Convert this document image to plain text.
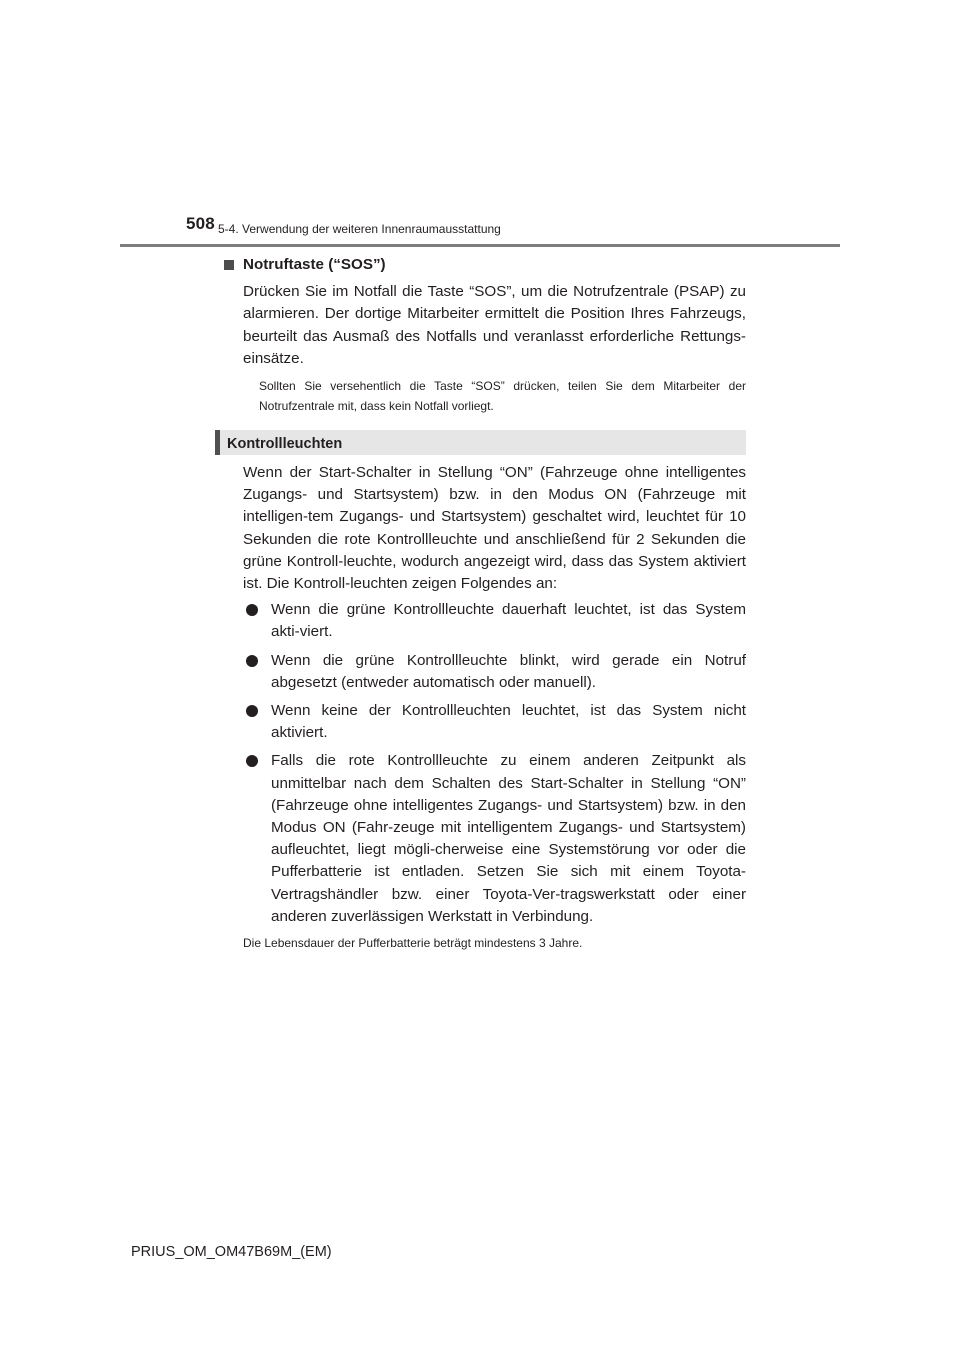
508 5-4. Verwendung der weiteren Innenraumausstattung
Notruftaste (“SOS”)

Drücken Sie im Notfall die Taste “SOS”, um die Notrufzentrale (PSAP) zu alarmieren. Der dortige Mitarbeiter ermittelt die Position Ihres Fahrzeugs, beurteilt das Ausmaß des Notfalls und veranlasst erforderliche Rettungs-einsätze.

Sollten Sie versehentlich die Taste “SOS” drücken, teilen Sie dem Mitarbeiter der Notrufzentrale mit, dass kein Notfall vorliegt.

Kontrollleuchten

Wenn der Start-Schalter in Stellung “ON” (Fahrzeuge ohne intelligentes Zugangs- und Startsystem) bzw. in den Modus ON (Fahrzeuge mit intelligen-tem Zugangs- und Startsystem) geschaltet wird, leuchtet für 10 Sekunden die rote Kontrollleuchte und anschließend für 2 Sekunden die grüne Kontroll-leuchte, wodurch angezeigt wird, dass das System aktiviert ist. Die Kontroll-leuchten zeigen Folgendes an:

Wenn die grüne Kontrollleuchte dauerhaft leuchtet, ist das System akti-viert.
Wenn die grüne Kontrollleuchte blinkt, wird gerade ein Notruf abgesetzt (entweder automatisch oder manuell).
Wenn keine der Kontrollleuchten leuchtet, ist das System nicht aktiviert.
Falls die rote Kontrollleuchte zu einem anderen Zeitpunkt als unmittelbar nach dem Schalten des Start-Schalter in Stellung “ON” (Fahrzeuge ohne intelligentes Zugangs- und Startsystem) bzw. in den Modus ON (Fahr-zeuge mit intelligentem Zugangs- und Startsystem) aufleuchtet, liegt mögli-cherweise eine Systemstörung vor oder die Pufferbatterie ist entladen. Setzen Sie sich mit einem Toyota-Vertragshändler bzw. einer Toyota-Ver-tragswerkstatt oder einer anderen zuverlässigen Werkstatt in Verbindung.

Die Lebensdauer der Pufferbatterie beträgt mindestens 3 Jahre.

PRIUS_OM_OM47B69M_(EM)
